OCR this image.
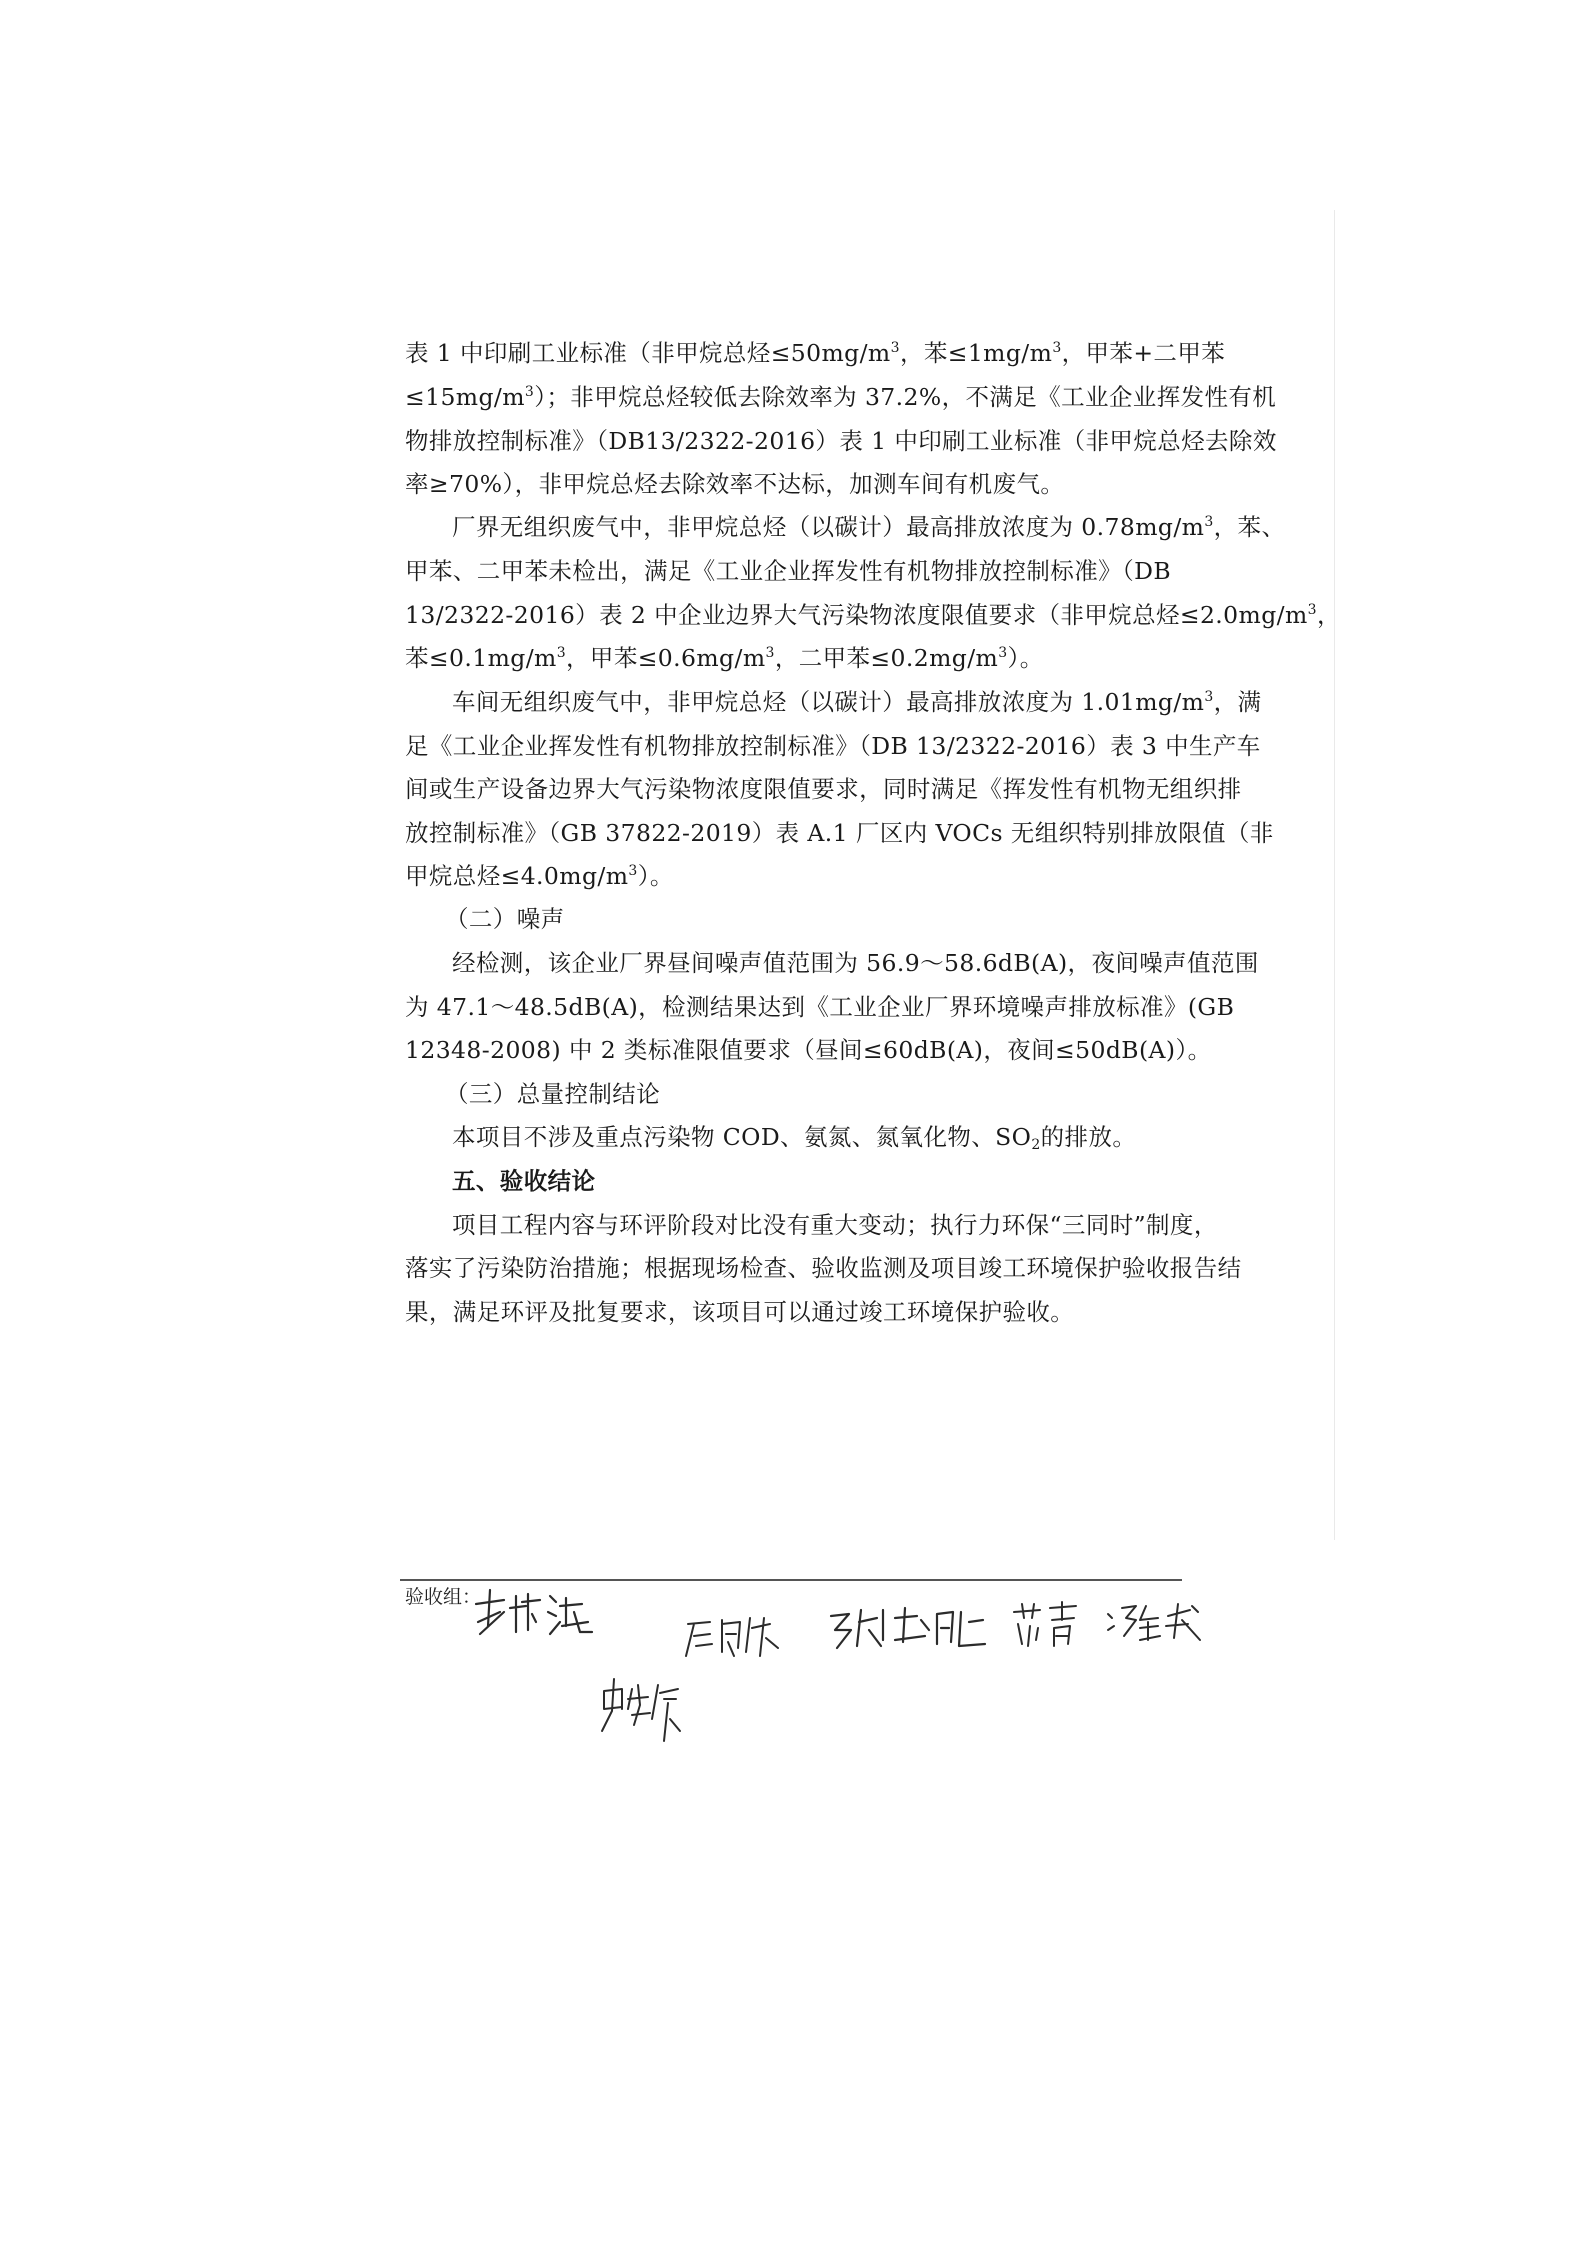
表 1 中印刷工业标准（非甲烷总烃$\le 50mg/m^3$，苯$\le 1mg/m^3$，甲苯+二甲苯
$\le 15mg/m^3$）；非甲烷总烃较低去除效率为 37.2%，不满足《工业企业挥发性有机
物排放控制标准》（DB13/2322-2016）表 1 中印刷工业标准（非甲烷总烃去除效
率≥70%），非甲烷总烃去除效率不达标，加测车间有机废气。
厂界无组织废气中，非甲烷总烃（以碳计）最高排放浓度为 $0.78mg/m^3$，苯、
甲苯、二甲苯未检出，满足《工业企业挥发性有机物排放控制标准》（DB
13/2322-2016）表 2 中企业边界大气污染物浓度限值要求（非甲烷总烃$\le 2.0mg/m^3$，
苯$\le 0.1mg/m^3$，甲苯$\le 0.6mg/m^3$，二甲苯$\le 0.2mg/m^3$）。
车间无组织废气中，非甲烷总烃（以碳计）最高排放浓度为 $1.01mg/m^3$，满
足《工业企业挥发性有机物排放控制标准》（DB 13/2322-2016）表 3 中生产车
间或生产设备边界大气污染物浓度限值要求，同时满足《挥发性有机物无组织排
放控制标准》（GB 37822-2019）表 A.1 厂区内 VOCs 无组织特别排放限值（非
甲烷总烃$\le 4.0mg/m^3$）。
（二）噪声
经检测，该企业厂界昼间噪声值范围为 56.9～58.6dB(A)，夜间噪声值范围
为 47.1～48.5dB(A)，检测结果达到《工业企业厂界环境噪声排放标准》(GB
12348-2008) 中 2 类标准限值要求（昼间≤60dB(A)，夜间≤50dB(A)）。
（三）总量控制结论
本项目不涉及重点污染物 COD、氨氮、氮氧化物、$SO_2$的排放。
五、验收结论
项目工程内容与环评阶段对比没有重大变动；执行力环保“三同时”制度，
落实了污染防治措施；根据现场检查、验收监测及项目竣工环境保护验收报告结
果，满足环评及批复要求，该项目可以通过竣工环境保护验收。
验收组：
